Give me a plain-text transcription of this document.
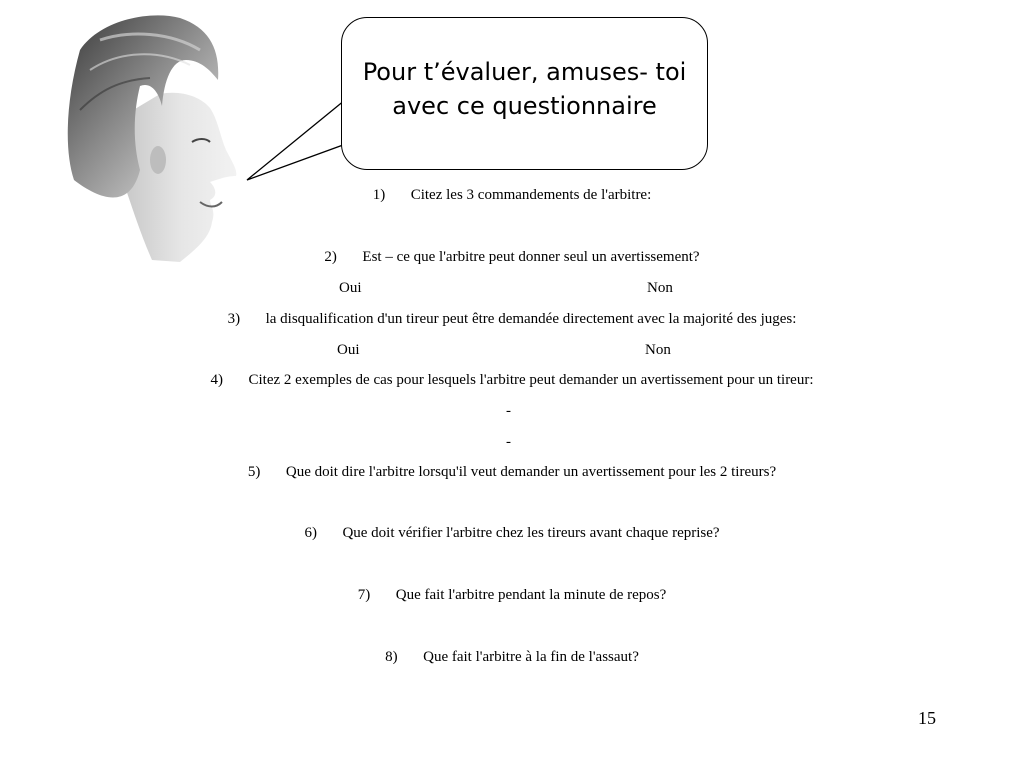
Pour t’évaluer, amuses- toi
avec ce questionnaire
1) Citez les 3 commandements de l'arbitre:
2) Est – ce que l'arbitre peut donner seul un avertissement?
Oui	Non
3) la disqualification d'un tireur peut être demandée directement avec la majorité des juges:
Oui	Non
4) Citez 2 exemples de cas pour lesquels l'arbitre peut demander un avertissement pour un tireur:
-
-
5) Que doit dire l'arbitre lorsqu'il veut demander un avertissement pour les 2 tireurs?
6) Que doit vérifier l'arbitre chez les tireurs avant chaque reprise?
7) Que fait l'arbitre pendant la minute de repos?
8) Que fait l'arbitre à la fin de l'assaut?
15
